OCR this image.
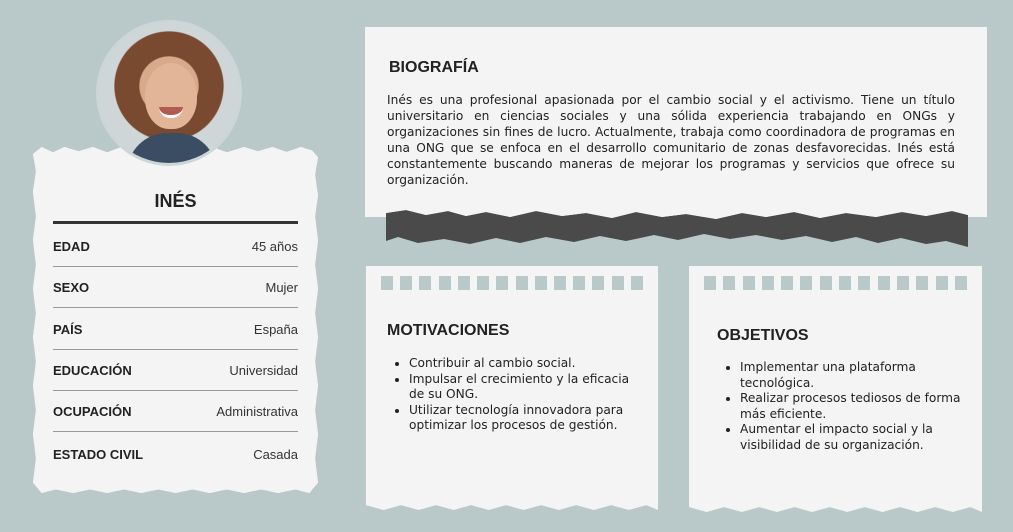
INÉS
EDAD	45 años
SEXO	Mujer
PAÍS	España
EDUCACIÓN	Universidad
OCUPACIÓN	Administrativa
ESTADO CIVIL	Casada
BIOGRAFÍA
Inés es una profesional apasionada por el cambio social y el activismo. Tiene un título universitario en ciencias sociales y una sólida experiencia trabajando en ONGs y organizaciones sin fines de lucro. Actualmente, trabaja como coordinadora de programas en una ONG que se enfoca en el desarrollo comunitario de zonas desfavorecidas. Inés está constantemente buscando maneras de mejorar los programas y servicios que ofrece su organización.
MOTIVACIONES
• Contribuir al cambio social.
• Impulsar el crecimiento y la eficacia de su ONG.
• Utilizar tecnología innovadora para optimizar los procesos de gestión.
OBJETIVOS
• Implementar una plataforma tecnológica.
• Realizar procesos tediosos de forma más eficiente.
• Aumentar el impacto social y la visibilidad de su organización.
